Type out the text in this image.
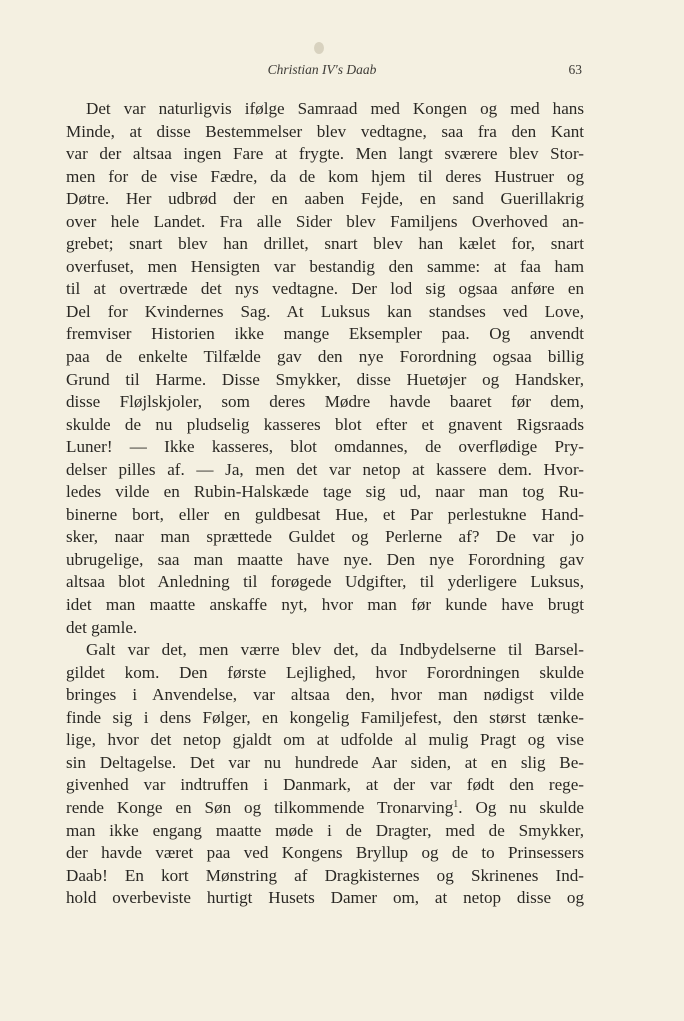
Christian IV's Daab	63
Det var naturligvis ifølge Samraad med Kongen og med hans
Minde, at disse Bestemmelser blev vedtagne, saa fra den Kant
var der altsaa ingen Fare at frygte. Men langt sværere blev Stor-
men for de vise Fædre, da de kom hjem til deres Hustruer og
Døtre. Her udbrød der en aaben Fejde, en sand Guerillakrig
over hele Landet. Fra alle Sider blev Familjens Overhoved an-
grebet; snart blev han drillet, snart blev han kælet for, snart
overfuset, men Hensigten var bestandig den samme: at faa ham
til at overtræde det nys vedtagne. Der lod sig ogsaa anføre en
Del for Kvindernes Sag. At Luksus kan standses ved Love,
fremviser Historien ikke mange Eksempler paa. Og anvendt
paa de enkelte Tilfælde gav den nye Forordning ogsaa billig
Grund til Harme. Disse Smykker, disse Huetøjer og Handsker,
disse Fløjlskjoler, som deres Mødre havde baaret før dem,
skulde de nu pludselig kasseres blot efter et gnavent Rigsraads
Luner! — Ikke kasseres, blot omdannes, de overflødige Pry-
delser pilles af. — Ja, men det var netop at kassere dem. Hvor-
ledes vilde en Rubin-Halskæde tage sig ud, naar man tog Ru-
binerne bort, eller en guldbesat Hue, et Par perlestukne Hand-
sker, naar man sprættede Guldet og Perlerne af? De var jo
ubrugelige, saa man maatte have nye. Den nye Forordning gav
altsaa blot Anledning til forøgede Udgifter, til yderligere Luksus,
idet man maatte anskaffe nyt, hvor man før kunde have brugt
det gamle.
Galt var det, men værre blev det, da Indbydelserne til Barsel-
gildet kom. Den første Lejlighed, hvor Forordningen skulde
bringes i Anvendelse, var altsaa den, hvor man nødigst vilde
finde sig i dens Følger, en kongelig Familjefest, den størst tænke-
lige, hvor det netop gjaldt om at udfolde al mulig Pragt og vise
sin Deltagelse. Det var nu hundrede Aar siden, at en slig Be-
givenhed var indtruffen i Danmark, at der var født den rege-
rende Konge en Søn og tilkommende Tronarving$^1$. Og nu skulde
man ikke engang maatte møde i de Dragter, med de Smykker,
der havde været paa ved Kongens Bryllup og de to Prinsessers
Daab! En kort Mønstring af Dragkisternes og Skrinenes Ind-
hold overbeviste hurtigt Husets Damer om, at netop disse og
